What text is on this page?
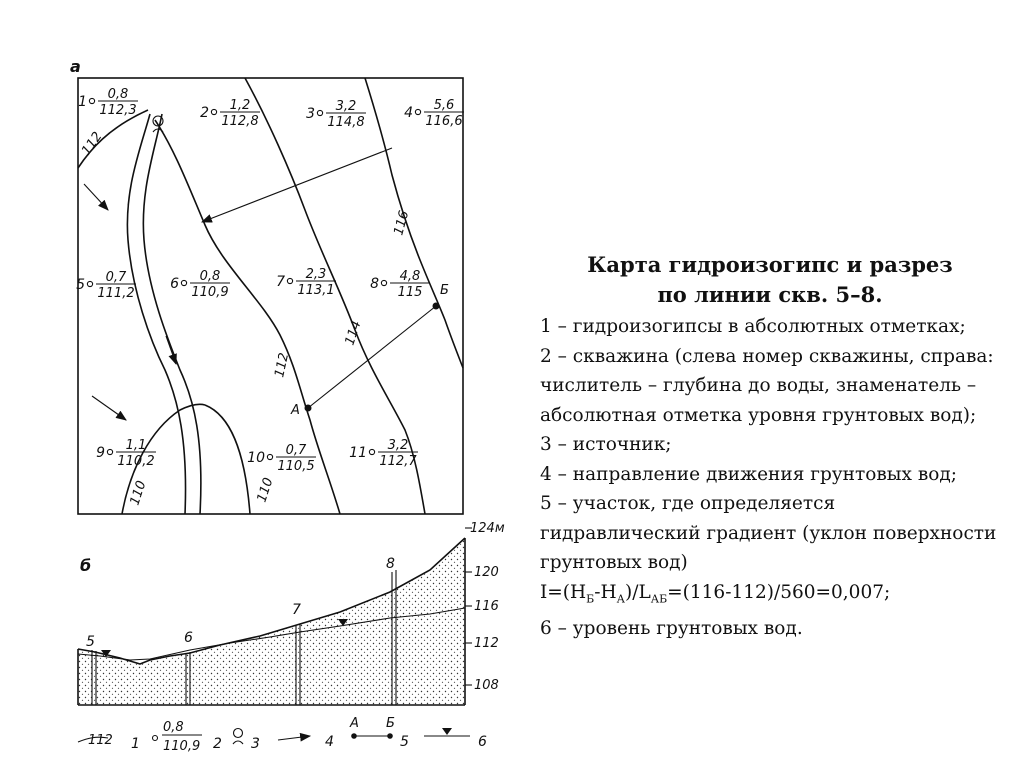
а
112
110	110
112
114
116
А
Б
1 0,8
112,3	2 1,2
112,8	3 3,2
114,8
4 5,6
116,6
5 0,7
111,2
6 0,8
110,9
7 2,3
113,1	8 4,8
115
9 1,1
110,2	10 0,7
110,5
11 3,2
112,7
б
5	6
7
8
124м
120
116
112
108
112 1
0,8
110,9 2 3	4
А Б
5	6

Карта гидроизогипс и разрез
по линии скв. 5–8.

1 – гидроизогипсы в абсолютных отметках;

2 – скважина (слева номер скважины, справа: числитель – глубина до воды, знаменатель – абсолютная отметка уровня грунтовых вод);

3 – источник;

4 – направление движения грунтовых вод;

5 – участок, где определяется гидравлический градиент (уклон поверхности грунтовых вод)
$I=(H_Б-H_А)/L_{АБ}=(116-112)/560=0,007$;

6 – уровень грунтовых вод.
